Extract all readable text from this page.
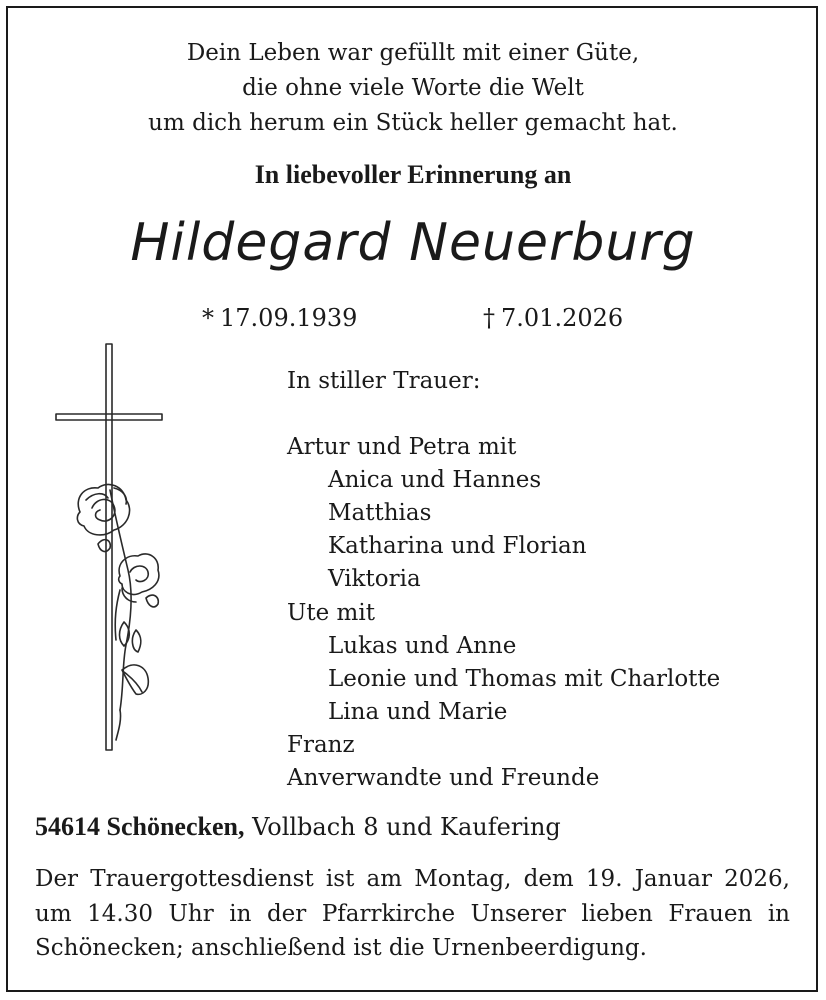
Dein Leben war gefüllt mit einer Güte,
die ohne viele Worte die Welt
um dich herum ein Stück heller gemacht hat.
In liebevoller Erinnerung an
Hildegard Neuerburg
* 17.09.1939	† 7.01.2026
In stiller Trauer:
Artur und Petra mit
Anica und Hannes
Matthias
Katharina und Florian
Viktoria
Ute mit
Lukas und Anne
Leonie und Thomas mit Charlotte
Lina und Marie
Franz
Anverwandte und Freunde
54614 Schönecken, Vollbach 8 und Kaufering
Der Trauergottesdienst ist am Montag, dem 19. Januar 2026,
um 14.30 Uhr in der Pfarrkirche Unserer lieben Frauen in
Schönecken; anschließend ist die Urnenbeerdigung.
